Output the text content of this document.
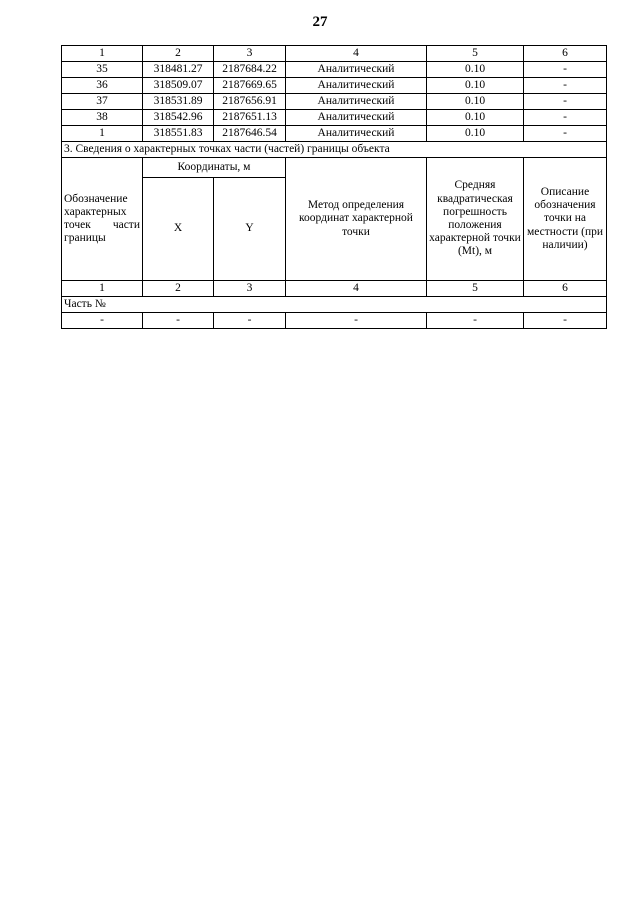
27
1	2	3	4	5	6
35	318481.27	2187684.22	Аналитический	0.10	-
36	318509.07	2187669.65	Аналитический	0.10	-
37	318531.89	2187656.91	Аналитический	0.10	-
38	318542.96	2187651.13	Аналитический	0.10	-
1	318551.83	2187646.54	Аналитический	0.10	-
3. Сведения о характерных точках части (частей) границы объекта					
Обозначение характерных точек части границы	Координаты, м		Метод определения координат характерной точки	Средняя квадратическая погрешность положения характерной точки (Mt), м	Описание обозначения точки на местности (при наличии)
	X	Y			
1	2	3	4	5	6
Часть №					
-	-	-	-	-	-
